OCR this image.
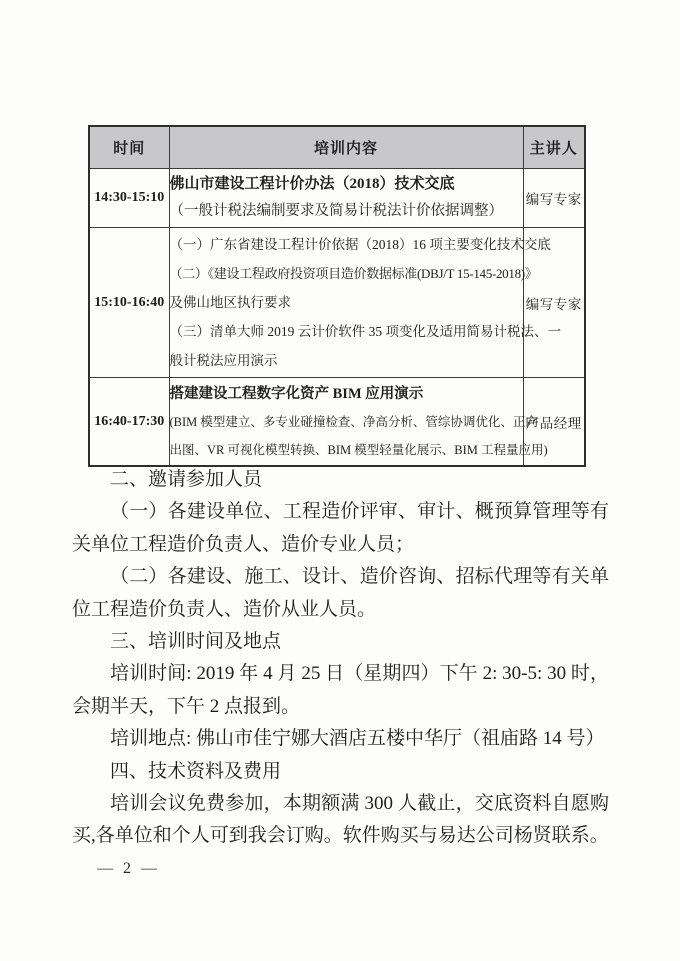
时间	培训内容	主讲人
14:30-15:10	佛山市建设工程计价办法（2018）技术交底
（一般计税法编制要求及简易计税法计价依据调整）	编写专家
15:10-16:40	（一）广东省建设工程计价依据（2018）16 项主要变化技术交底
（二）《建设工程政府投资项目造价数据标准(DBJ/T 15-145-2018)》
及佛山地区执行要求
（三）清单大师 2019 云计价软件 35 项变化及适用简易计税法、一
般计税法应用演示	编写专家
16:40-17:30	搭建建设工程数字化资产 BIM 应用演示
(BIM 模型建立、多专业碰撞检查、净高分析、管综协调优化、正向
出图、VR 可视化模型转换、BIM 模型轻量化展示、BIM 工程量应用)	产品经理

二、邀请参加人员

（一）各建设单位、工程造价评审、审计、概预算管理等有关单位工程造价负责人、造价专业人员；

（二）各建设、施工、设计、造价咨询、招标代理等有关单位工程造价负责人、造价从业人员。

三、培训时间及地点

培训时间: 2019 年 4 月 25 日（星期四）下午 2: 30-5: 30 时，会期半天，下午 2 点报到。

培训地点: 佛山市佳宁娜大酒店五楼中华厅（祖庙路 14 号）

四、技术资料及费用

培训会议免费参加，本期额满 300 人截止，交底资料自愿购买,各单位和个人可到我会订购。软件购买与易达公司杨贤联系。

— 2 —
